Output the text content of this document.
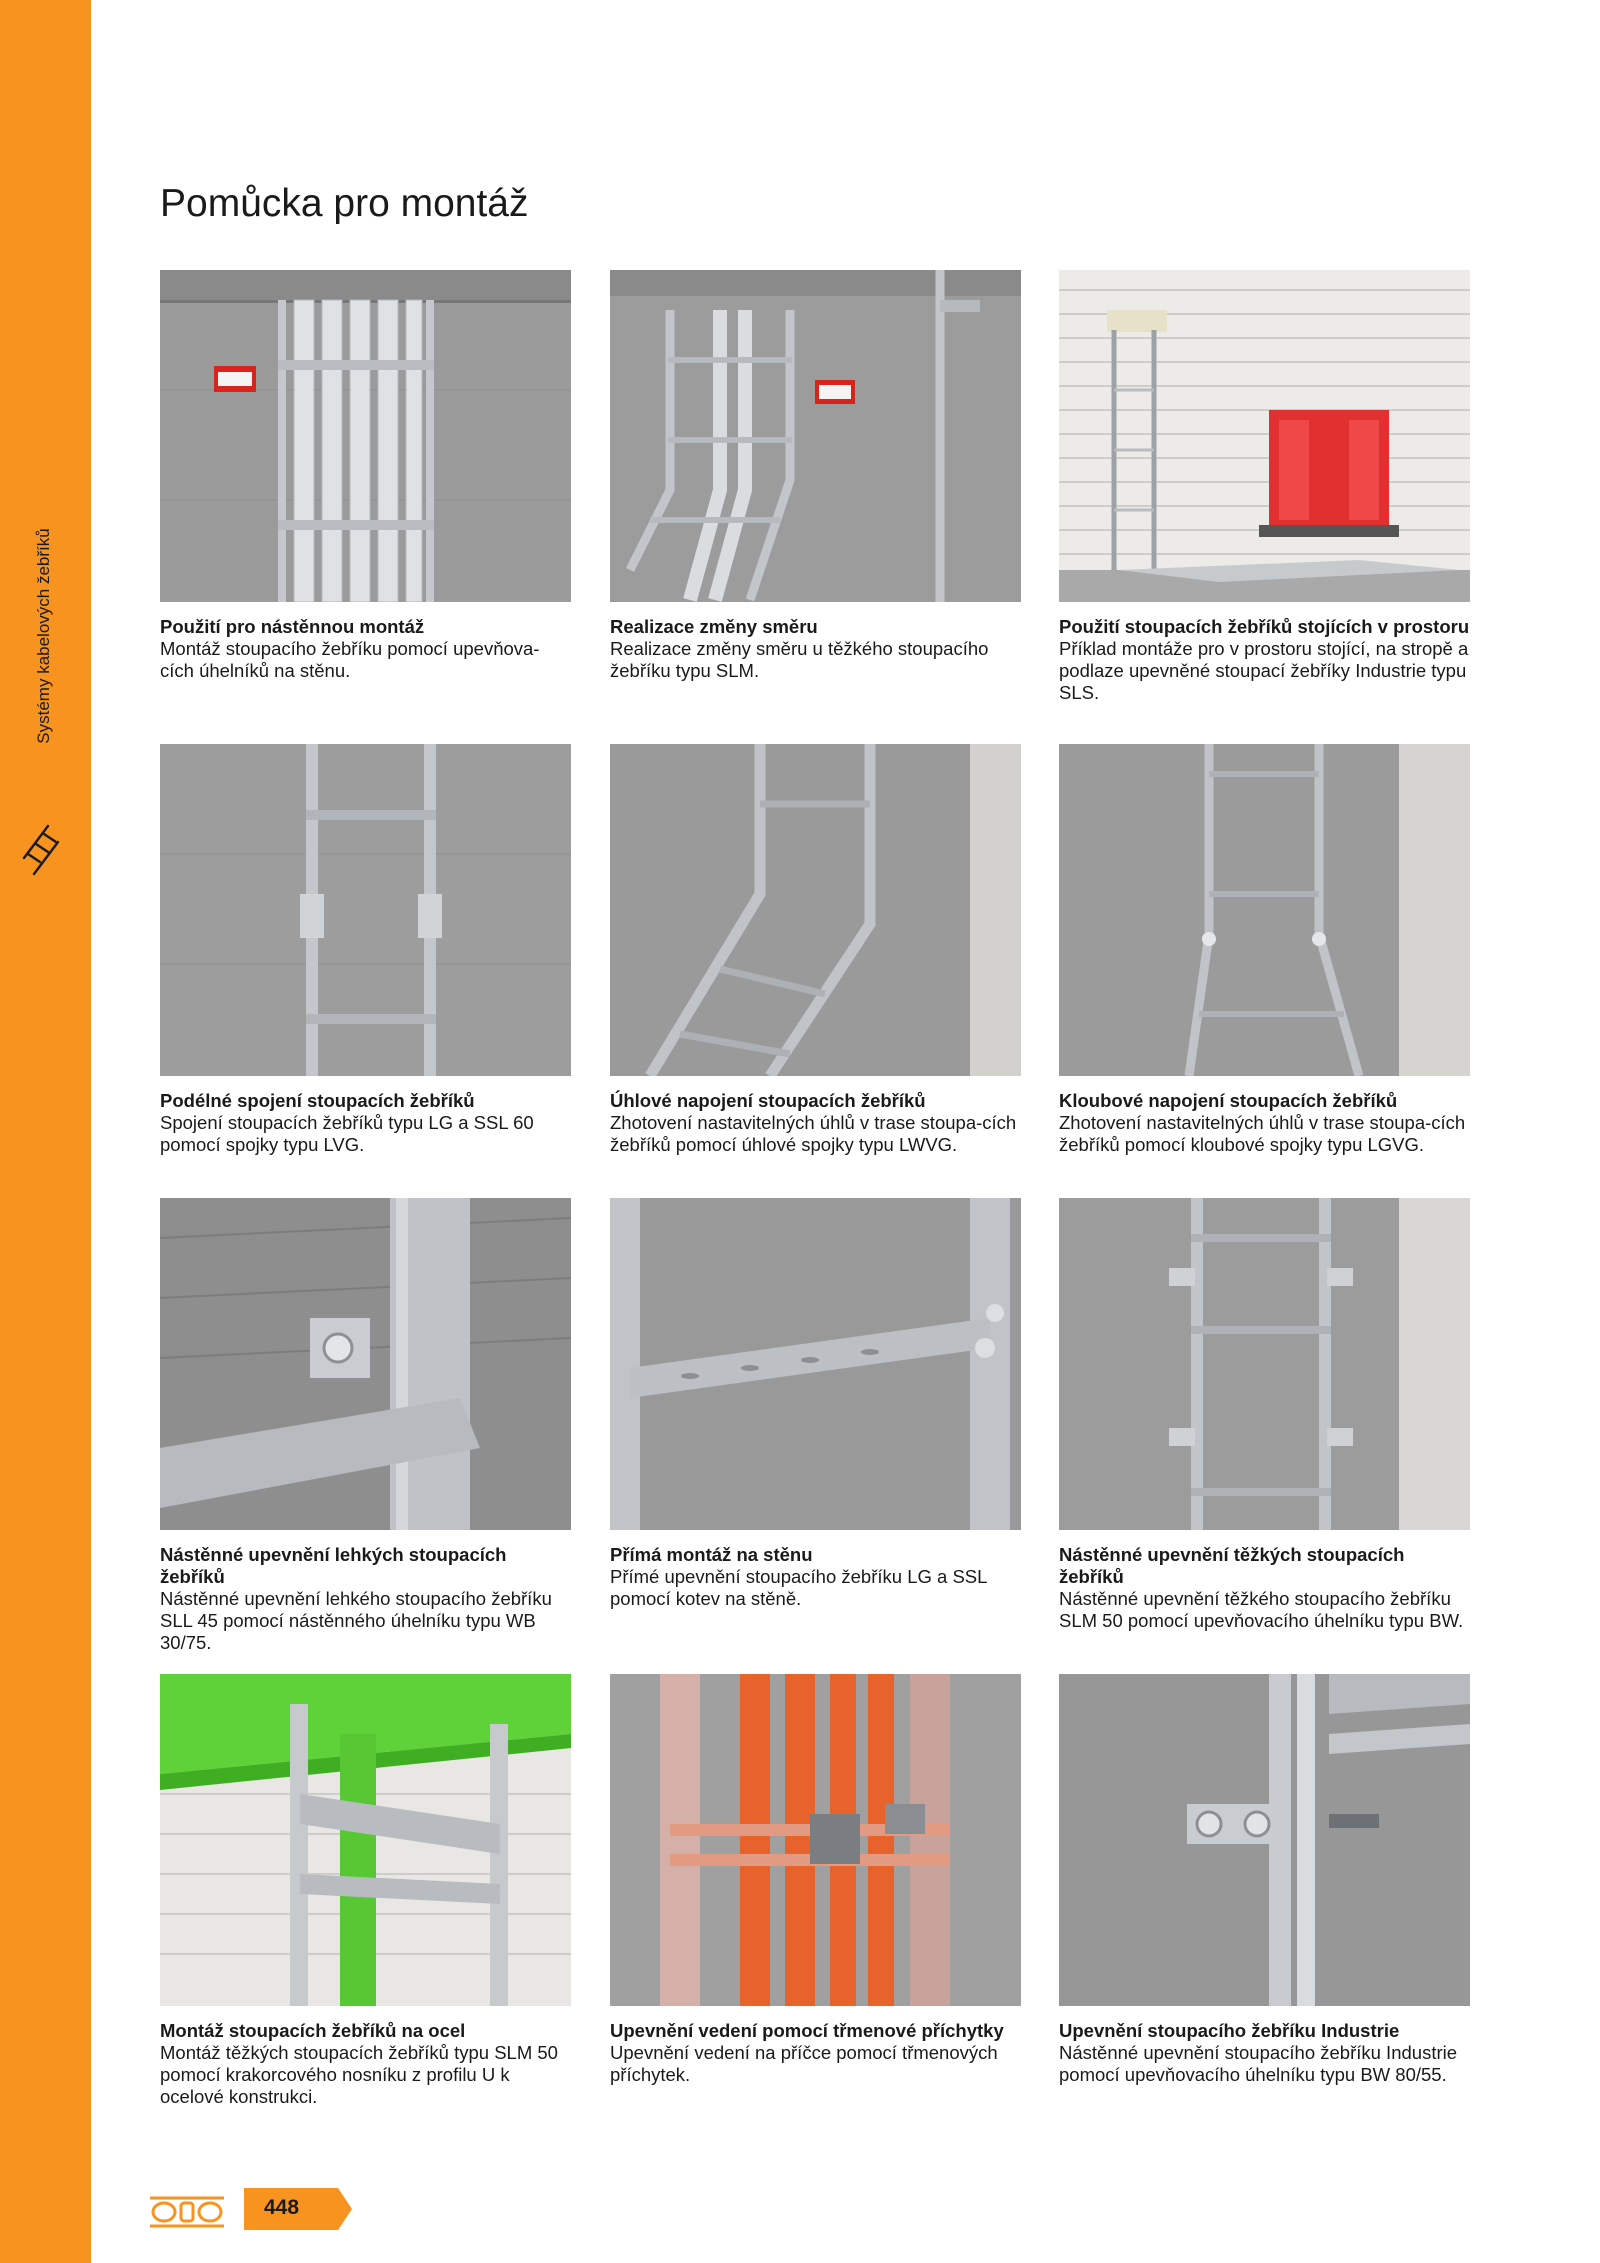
Systémy kabelových žebříků
Pomůcka pro montáž
Použití pro nástěnnou montáž

Montáž stoupacího žebříku pomocí upevňova-cích úhelníků na stěnu.

Realizace změny směru

Realizace změny směru u těžkého stoupacího žebříku typu SLM.

Použití stoupacích žebříků stojících v prostoru

Příklad montáže pro v prostoru stojící, na stropě a podlaze upevněné stoupací žebříky Industrie typu SLS.

Podélné spojení stoupacích žebříků

Spojení stoupacích žebříků typu LG a SSL 60 pomocí spojky typu LVG.

Úhlové napojení stoupacích žebříků

Zhotovení nastavitelných úhlů v trase stoupa-cích žebříků pomocí úhlové spojky typu LWVG.

Kloubové napojení stoupacích žebříků

Zhotovení nastavitelných úhlů v trase stoupa-cích žebříků pomocí kloubové spojky typu LGVG.

Nástěnné upevnění lehkých stoupacích žebříků

Nástěnné upevnění lehkého stoupacího žebříku SLL 45 pomocí nástěnného úhelníku typu WB 30/75.

Přímá montáž na stěnu

Přímé upevnění stoupacího žebříku LG a SSL pomocí kotev na stěně.

Nástěnné upevnění těžkých stoupacích žebříků

Nástěnné upevnění těžkého stoupacího žebříku SLM 50 pomocí upevňovacího úhelníku typu BW.

Montáž stoupacích žebříků na ocel

Montáž těžkých stoupacích žebříků typu SLM 50 pomocí krakorcového nosníku z profilu U k ocelové konstrukci.

Upevnění vedení pomocí třmenové příchytky

Upevnění vedení na příčce pomocí třmenových příchytek.

Upevnění stoupacího žebříku Industrie

Nástěnné upevnění stoupacího žebříku Industrie pomocí upevňovacího úhelníku typu BW 80/55.

448
